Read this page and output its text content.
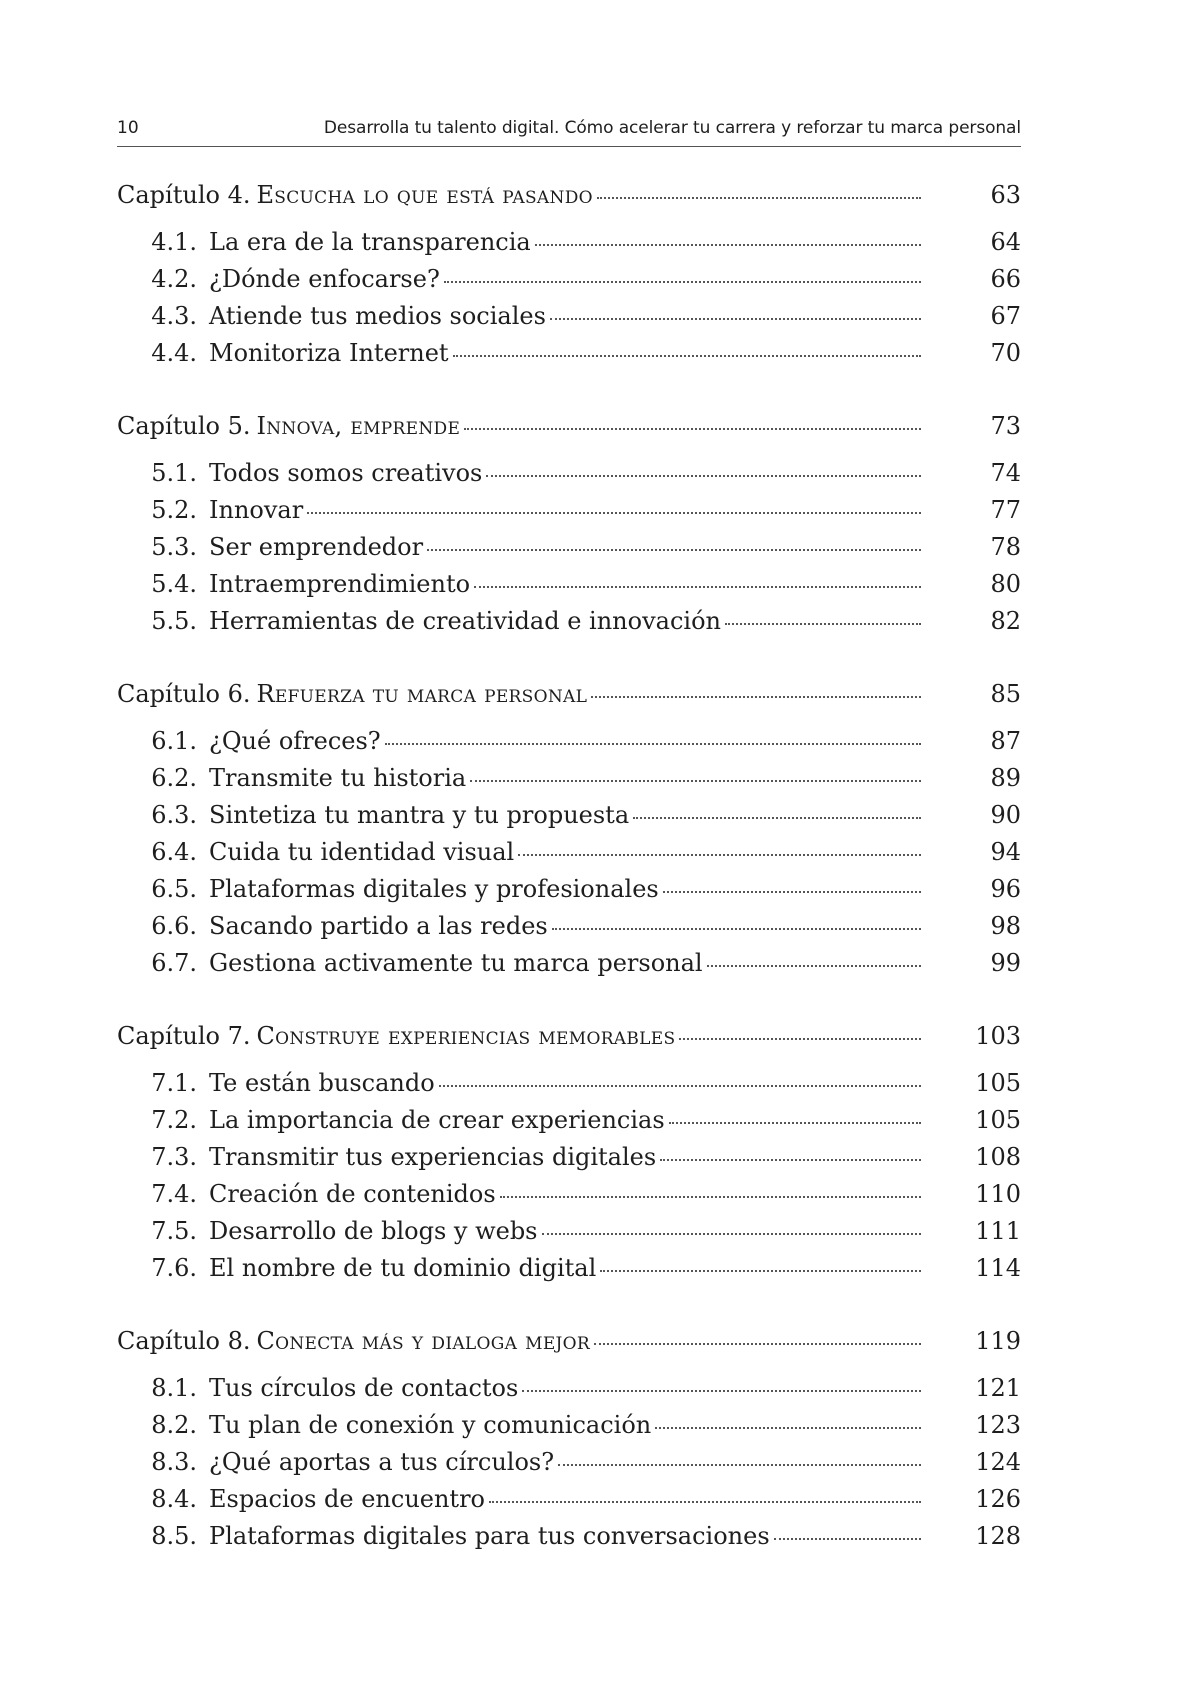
10	Desarrolla tu talento digital. Cómo acelerar tu carrera y reforzar tu marca personal
Capítulo 4. Escucha lo que está pasando	63
4.1. La era de la transparencia	64
4.2. ¿Dónde enfocarse?	66
4.3. Atiende tus medios sociales	67
4.4. Monitoriza Internet	70
Capítulo 5. Innova, emprende	73
5.1. Todos somos creativos	74
5.2. Innovar	77
5.3. Ser emprendedor	78
5.4. Intraemprendimiento	80
5.5. Herramientas de creatividad e innovación	82
Capítulo 6. Refuerza tu marca personal	85
6.1. ¿Qué ofreces?	87
6.2. Transmite tu historia	89
6.3. Sintetiza tu mantra y tu propuesta	90
6.4. Cuida tu identidad visual	94
6.5. Plataformas digitales y profesionales	96
6.6. Sacando partido a las redes	98
6.7. Gestiona activamente tu marca personal	99
Capítulo 7. Construye experiencias memorables	103
7.1. Te están buscando	105
7.2. La importancia de crear experiencias	105
7.3. Transmitir tus experiencias digitales	108
7.4. Creación de contenidos	110
7.5. Desarrollo de blogs y webs	111
7.6. El nombre de tu dominio digital	114
Capítulo 8. Conecta más y dialoga mejor	119
8.1. Tus círculos de contactos	121
8.2. Tu plan de conexión y comunicación	123
8.3. ¿Qué aportas a tus círculos?	124
8.4. Espacios de encuentro	126
8.5. Plataformas digitales para tus conversaciones	128
